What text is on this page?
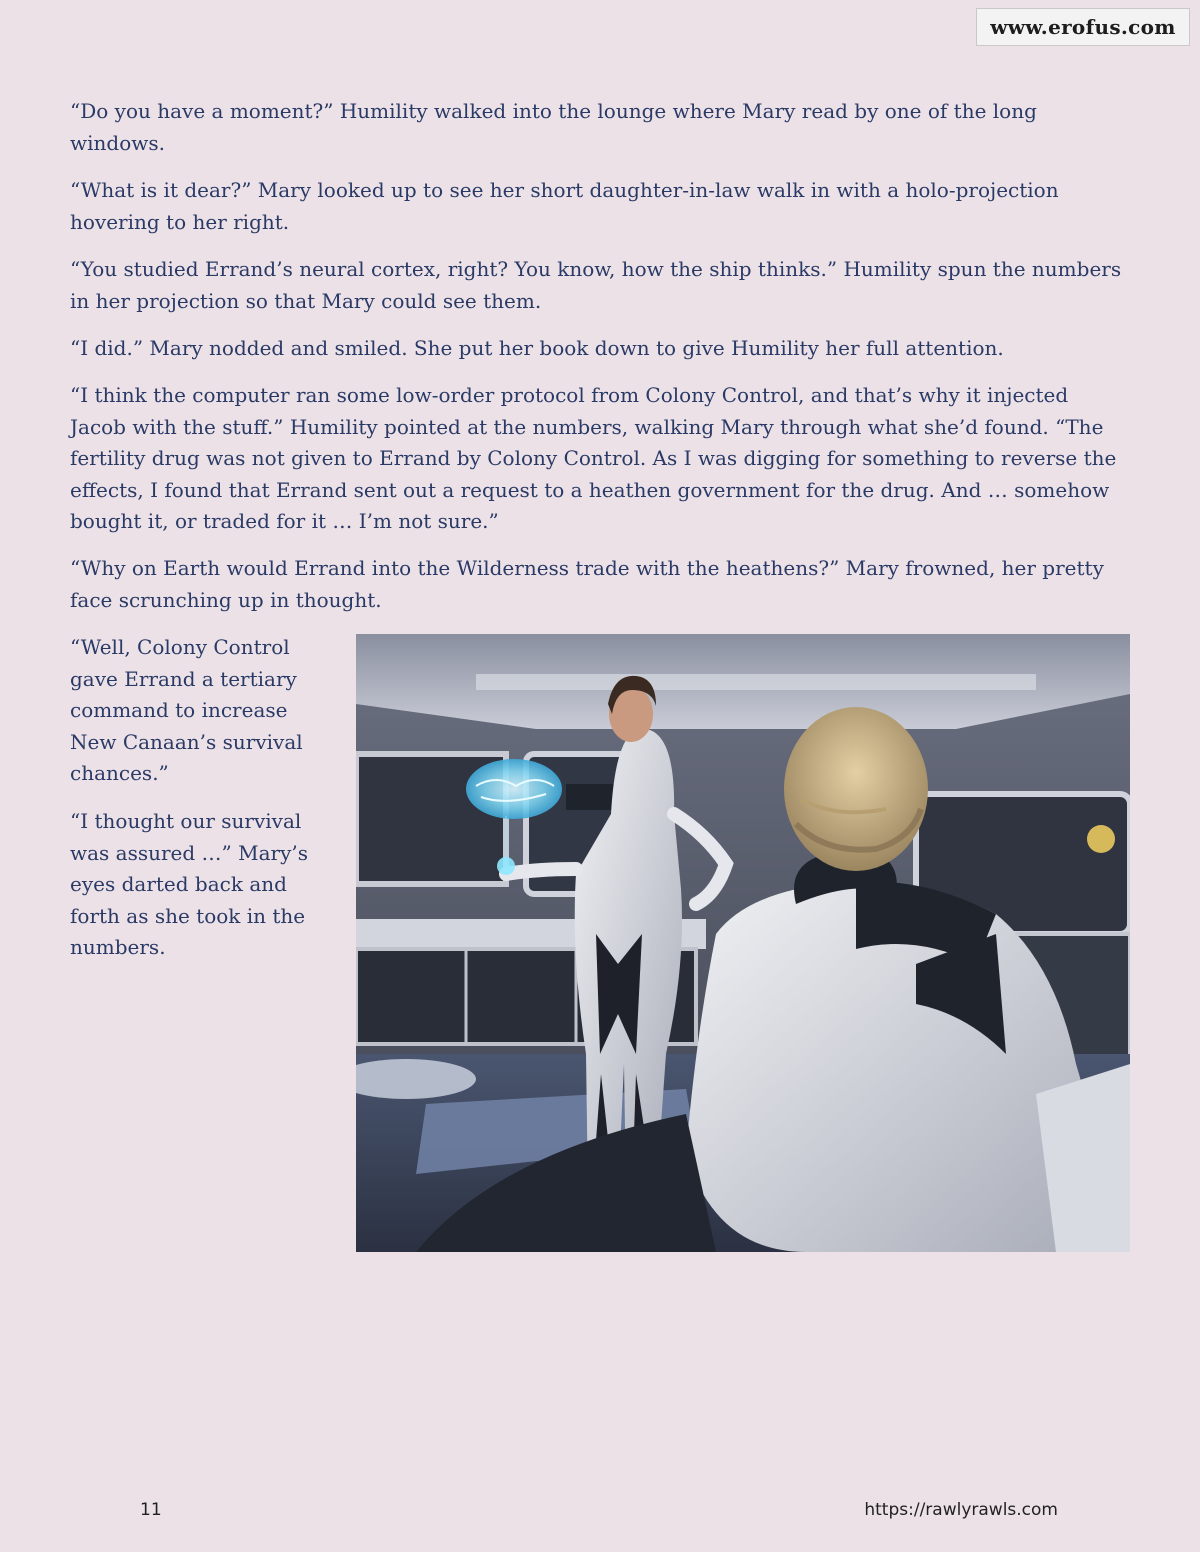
www.erofus.com

“Do you have a moment?” Humility walked into the lounge where Mary read by one of the long windows.

“What is it dear?” Mary looked up to see her short daughter-in-law walk in with a holo-projection hovering to her right.

“You studied Errand’s neural cortex, right? You know, how the ship thinks.” Humility spun the numbers in her projection so that Mary could see them.

“I did.” Mary nodded and smiled. She put her book down to give Humility her full attention.

“I think the computer ran some low-order protocol from Colony Control, and that’s why it injected Jacob with the stuff.” Humility pointed at the numbers, walking Mary through what she’d found. “The fertility drug was not given to Errand by Colony Control. As I was digging for something to reverse the effects, I found that Errand sent out a request to a heathen government for the drug. And … somehow bought it, or traded for it … I’m not sure.”

“Why on Earth would Errand into the Wilderness trade with the heathens?” Mary frowned, her pretty face scrunching up in thought.

“Well, Colony Control gave Errand a tertiary command to increase New Canaan’s survival chances.”

“I thought our survival was assured …” Mary’s eyes darted back and forth as she took in the numbers.

11	https://rawlyrawls.com
